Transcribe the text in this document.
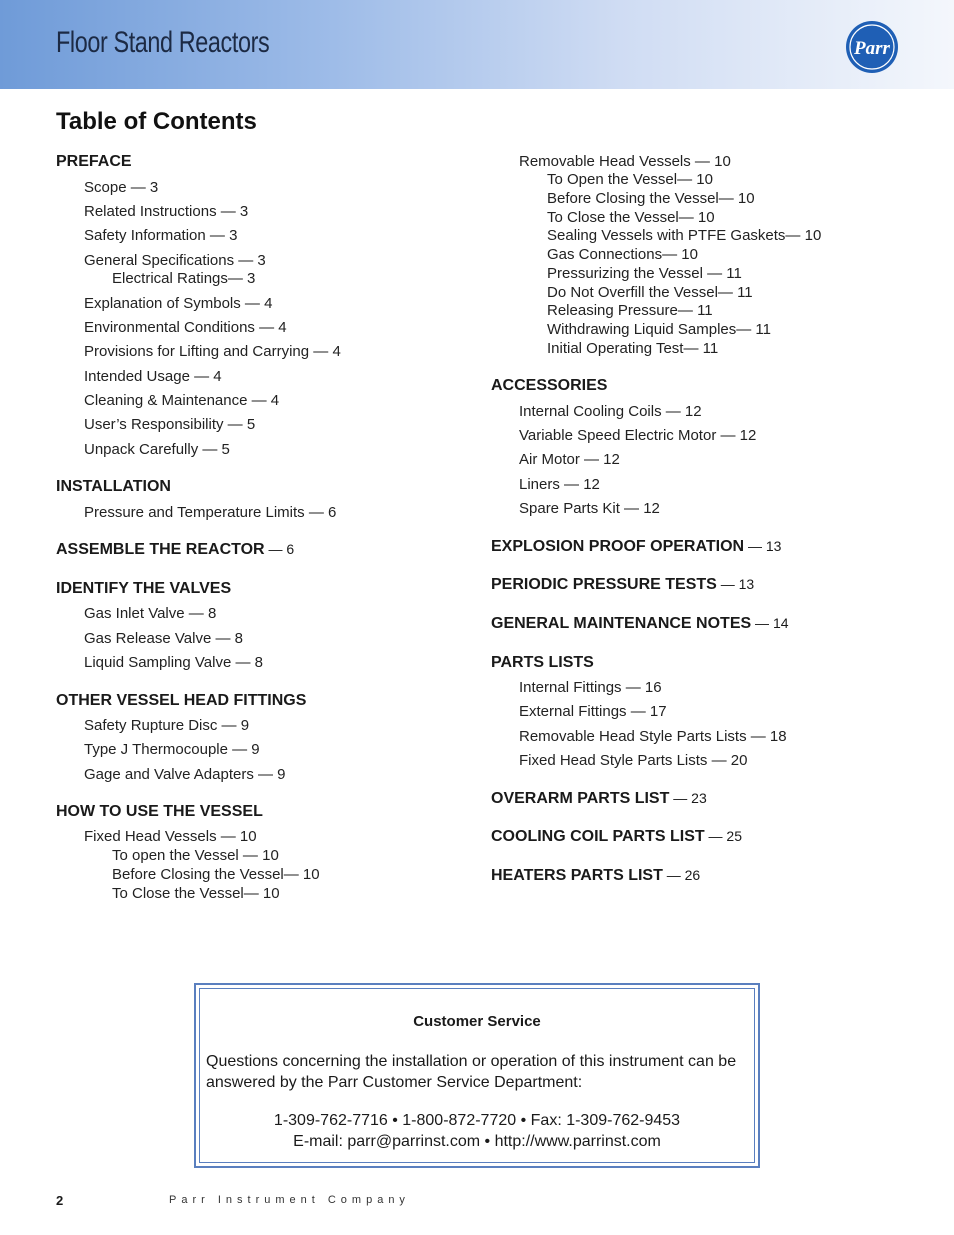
Floor Stand Reactors	Parr
Table of Contents
PREFACE
Scope — 3
Related Instructions — 3
Safety Information — 3
General Specifications — 3
Electrical Ratings— 3
Explanation of Symbols — 4
Environmental Conditions — 4
Provisions for Lifting and Carrying — 4
Intended Usage — 4
Cleaning & Maintenance — 4
User’s Responsibility — 5
Unpack Carefully — 5
INSTALLATION
Pressure and Temperature Limits — 6
ASSEMBLE THE REACTOR — 6
IDENTIFY THE VALVES
Gas Inlet Valve — 8
Gas Release Valve — 8
Liquid Sampling Valve — 8
OTHER VESSEL HEAD FITTINGS
Safety Rupture Disc — 9
Type J Thermocouple — 9
Gage and Valve Adapters — 9
HOW TO USE THE VESSEL
Fixed Head Vessels — 10
To open the Vessel — 10
Before Closing the Vessel— 10
To Close the Vessel— 10
Removable Head Vessels — 10
To Open the Vessel— 10
Before Closing the Vessel— 10
To Close the Vessel— 10
Sealing Vessels with PTFE Gaskets— 10
Gas Connections— 10
Pressurizing the Vessel — 11
Do Not Overfill the Vessel— 11
Releasing Pressure— 11
Withdrawing Liquid Samples— 11
Initial Operating Test— 11
ACCESSORIES
Internal Cooling Coils — 12
Variable Speed Electric Motor — 12
Air Motor — 12
Liners — 12
Spare Parts Kit — 12
EXPLOSION PROOF OPERATION — 13
PERIODIC PRESSURE TESTS — 13
GENERAL MAINTENANCE NOTES — 14
PARTS LISTS
Internal Fittings — 16
External Fittings — 17
Removable Head Style Parts Lists — 18
Fixed Head Style Parts Lists — 20
OVERARM PARTS LIST — 23
COOLING COIL PARTS LIST — 25
HEATERS PARTS LIST — 26
Customer Service
Questions concerning the installation or operation of this instrument can be answered by the Parr Customer Service Department:
1-309-762-7716 • 1-800-872-7720 • Fax: 1-309-762-9453
E-mail: parr@parrinst.com • http://www.parrinst.com
2	Parr Instrument Company
